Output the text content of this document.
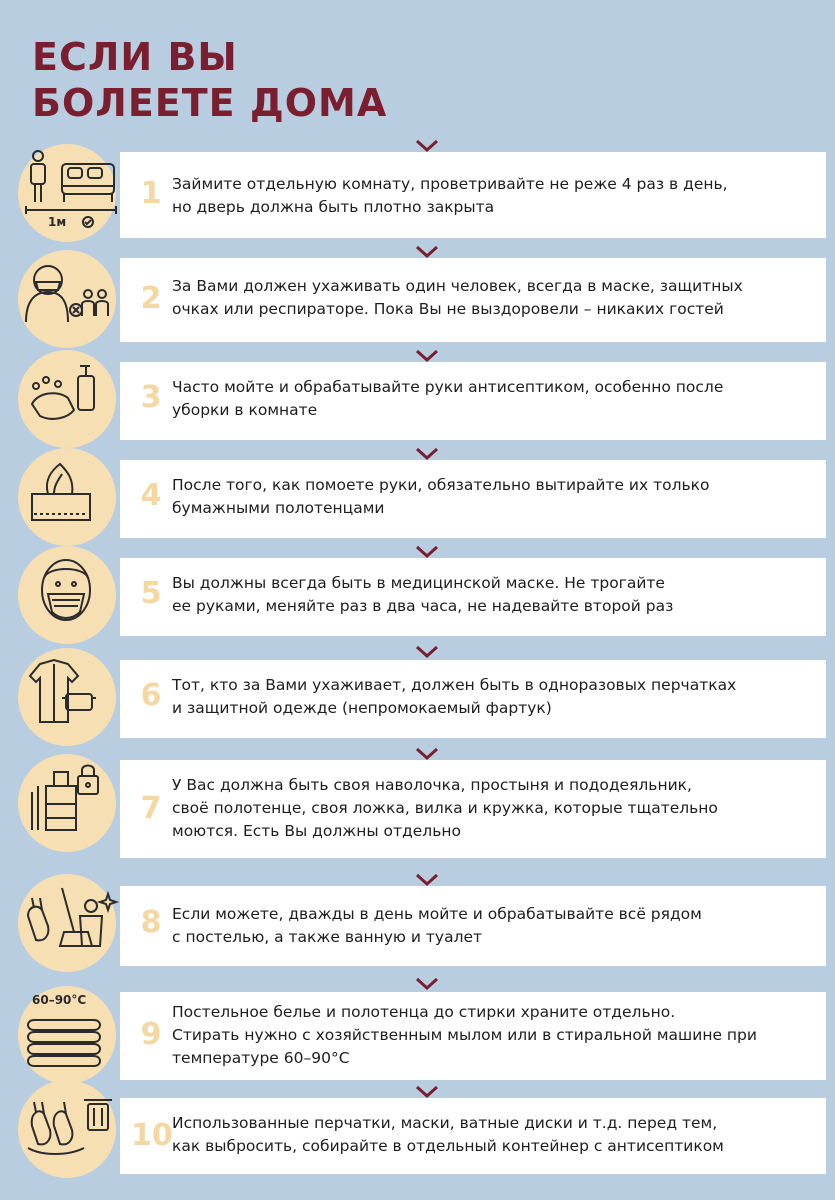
ЕСЛИ ВЫ
БОЛЕЕТЕ ДОМА
1м
1 Займите отдельную комнату, проветривайте не реже 4 раз в день,
но дверь должна быть плотно закрыта
2 За Вами должен ухаживать один человек, всегда в маске, защитных
очках или респираторе. Пока Вы не выздоровели – никаких гостей
3 Часто мойте и обрабатывайте руки антисептиком, особенно после
уборки в комнате
4 После того, как помоете руки, обязательно вытирайте их только
бумажными полотенцами
5 Вы должны всегда быть в медицинской маске. Не трогайте
ее руками, меняйте раз в два часа, не надевайте второй раз
6 Тот, кто за Вами ухаживает, должен быть в одноразовых перчатках
и защитной одежде (непромокаемый фартук)
7
У Вас должна быть своя наволочка, простыня и пододеяльник,
своё полотенце, своя ложка, вилка и кружка, которые тщательно
моются. Есть Вы должны отдельно
8 Если можете, дважды в день мойте и обрабатывайте всё рядом
с постелью, а также ванную и туалет
60–90°C
9
Постельное белье и полотенца до стирки храните отдельно.
Стирать нужно с хозяйственным мылом или в стиральной машине при
температуре 60–90°C
10 Использованные перчатки, маски, ватные диски и т.д. перед тем,
как выбросить, собирайте в отдельный контейнер с антисептиком
